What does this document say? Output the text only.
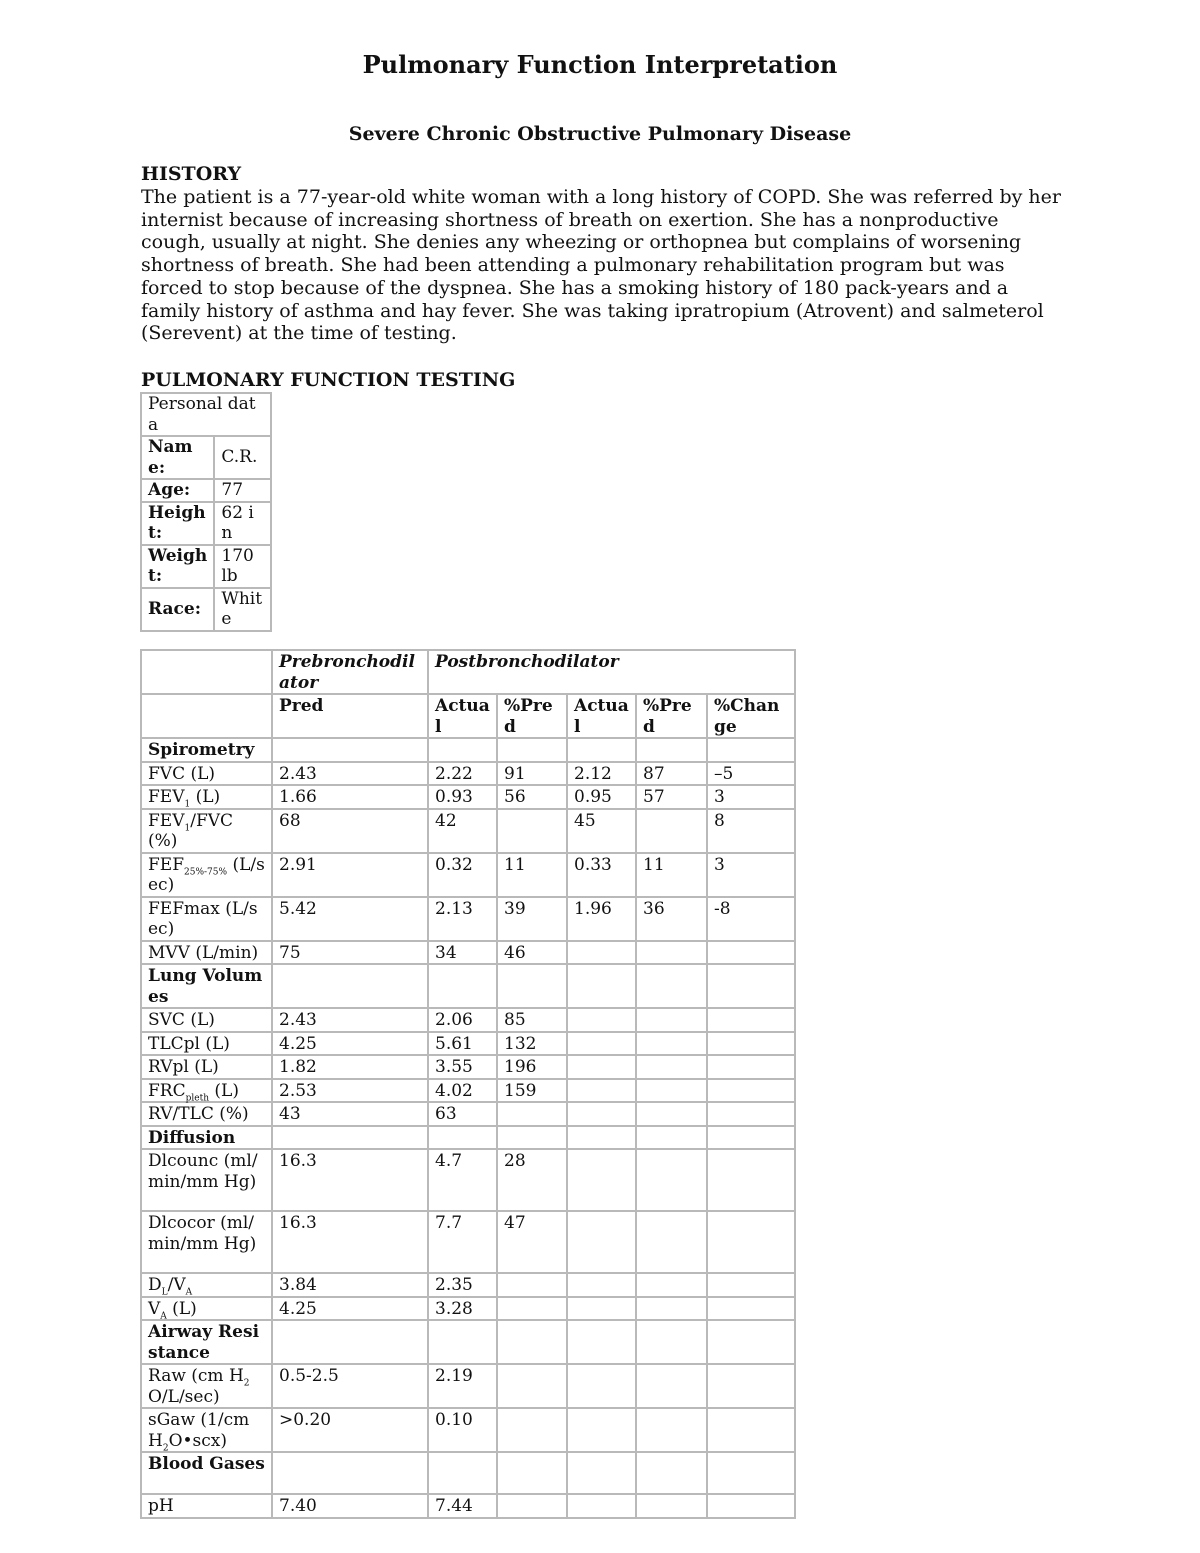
Pulmonary Function Interpretation
Severe Chronic Obstructive Pulmonary Disease
HISTORY
The patient is a 77-year-old white woman with a long history of COPD. She was referred by her internist because of increasing shortness of breath on exertion. She has a nonproductive cough, usually at night. She denies any wheezing or orthopnea but complains of worsening shortness of breath. She had been attending a pulmonary rehabilitation program but was forced to stop because of the dyspnea. She has a smoking history of 180 pack-years and a family history of asthma and hay fever. She was taking ipratropium (Atrovent) and salmeterol (Serevent) at the time of testing.
PULMONARY FUNCTION TESTING
Personal data	
Name:	C.R.
Age:	77
Height:	62 in
Weight:	170 lb
Race:	White
	Prebronchodilator	Postbronchodilator				
	Pred	Actual	%Pred	Actual	%Pred	%Change
Spirometry						
FVC (L)	2.43	2.22	91	2.12	87	–5
$FEV_1$ (L)	1.66	0.93	56	0.95	57	3
$FEV_1$/FVC (%)	68	42		45		8
$FEF_{25\%-75\%}$ (L/sec)	2.91	0.32	11	0.33	11	3
FEFmax (L/sec)	5.42	2.13	39	1.96	36	-8
MVV (L/min)	75	34	46			
Lung Volumes						
SVC (L)	2.43	2.06	85			
TLCpl (L)	4.25	5.61	132			
RVpl (L)	1.82	3.55	196			
$FRC_{pleth}$ (L)	2.53	4.02	159			
RV/TLC (%)	43	63				
Diffusion						
Dlcounc (ml/min/mm Hg)	16.3	4.7	28			
Dlcocor (ml/min/mm Hg)	16.3	7.7	47			
$D_L/V_A$	3.84	2.35				
$V_A$ (L)	4.25	3.28				
Airway Resistance						
Raw (cm $H_2O/L/\sec$)	0.5-2.5	2.19				
sGaw (1/cm $H_2O•scx$)	>0.20	0.10				
Blood Gases						
pH	7.40	7.44				
